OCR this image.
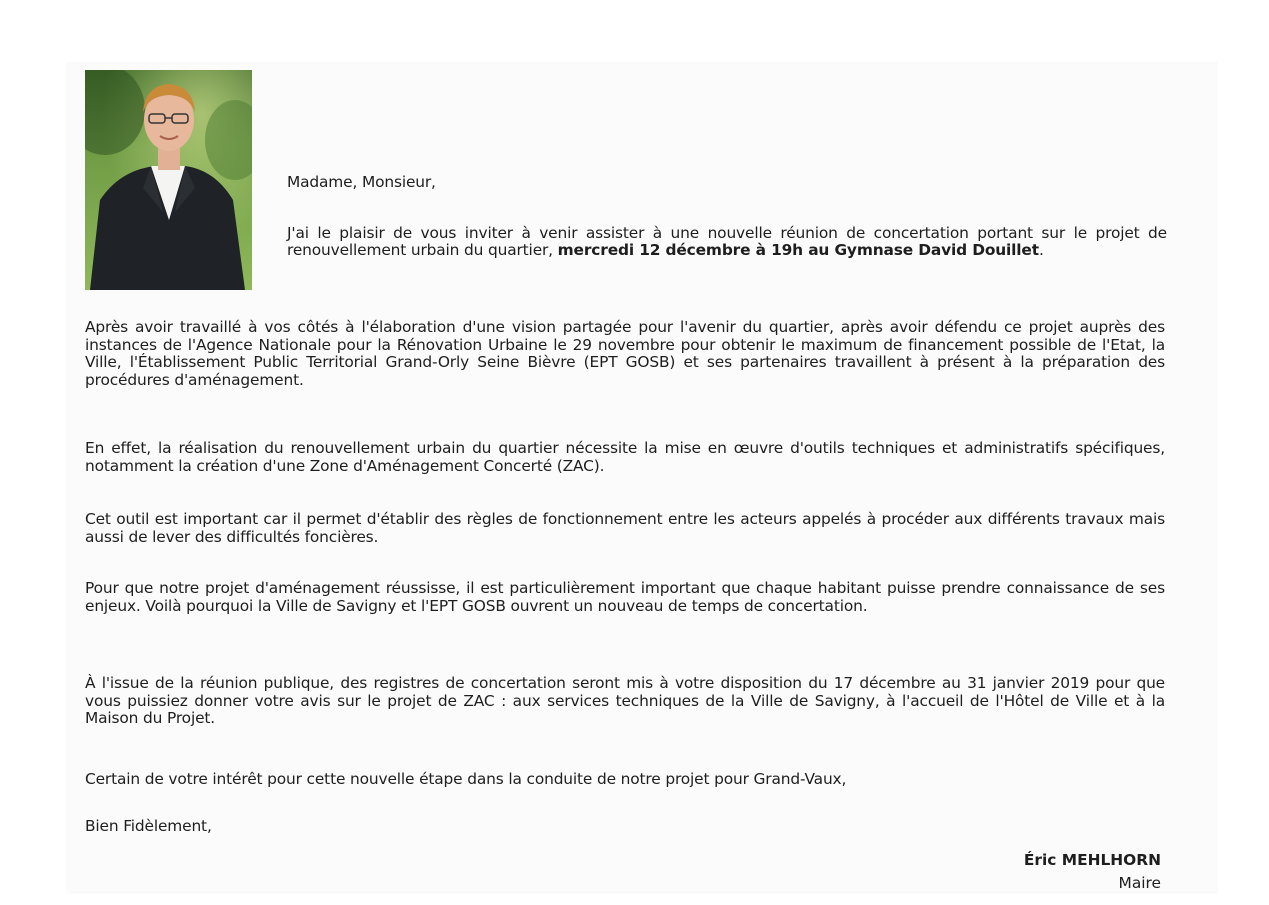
Madame, Monsieur,

J'ai le plaisir de vous inviter à venir assister à une nouvelle réunion de concertation portant sur le projet de renouvellement urbain du quartier, mercredi 12 décembre à 19h au Gymnase David Douillet.

Après avoir travaillé à vos côtés à l'élaboration d'une vision partagée pour l'avenir du quartier, après avoir défendu ce projet auprès des instances de l'Agence Nationale pour la Rénovation Urbaine le 29 novembre pour obtenir le maximum de financement possible de l'Etat, la Ville, l'Établissement Public Territorial Grand-Orly Seine Bièvre (EPT GOSB) et ses partenaires travaillent à présent à la préparation des procédures d'aménagement.

En effet, la réalisation du renouvellement urbain du quartier nécessite la mise en œuvre d'outils techniques et administratifs spécifiques, notamment la création d'une Zone d'Aménagement Concerté (ZAC).

Cet outil est important car il permet d'établir des règles de fonctionnement entre les acteurs appelés à procéder aux différents travaux mais aussi de lever des difficultés foncières.

Pour que notre projet d'aménagement réussisse, il est particulièrement important que chaque habitant puisse prendre connaissance de ses enjeux. Voilà pourquoi la Ville de Savigny et l'EPT GOSB ouvrent un nouveau de temps de concertation.

À l'issue de la réunion publique, des registres de concertation seront mis à votre disposition du 17 décembre au 31 janvier 2019 pour que vous puissiez donner votre avis sur le projet de ZAC : aux services techniques de la Ville de Savigny, à l'accueil de l'Hôtel de Ville et à la Maison du Projet.

Certain de votre intérêt pour cette nouvelle étape dans la conduite de notre projet pour Grand-Vaux,

Bien Fidèlement,

Éric MEHLHORN
Maire
